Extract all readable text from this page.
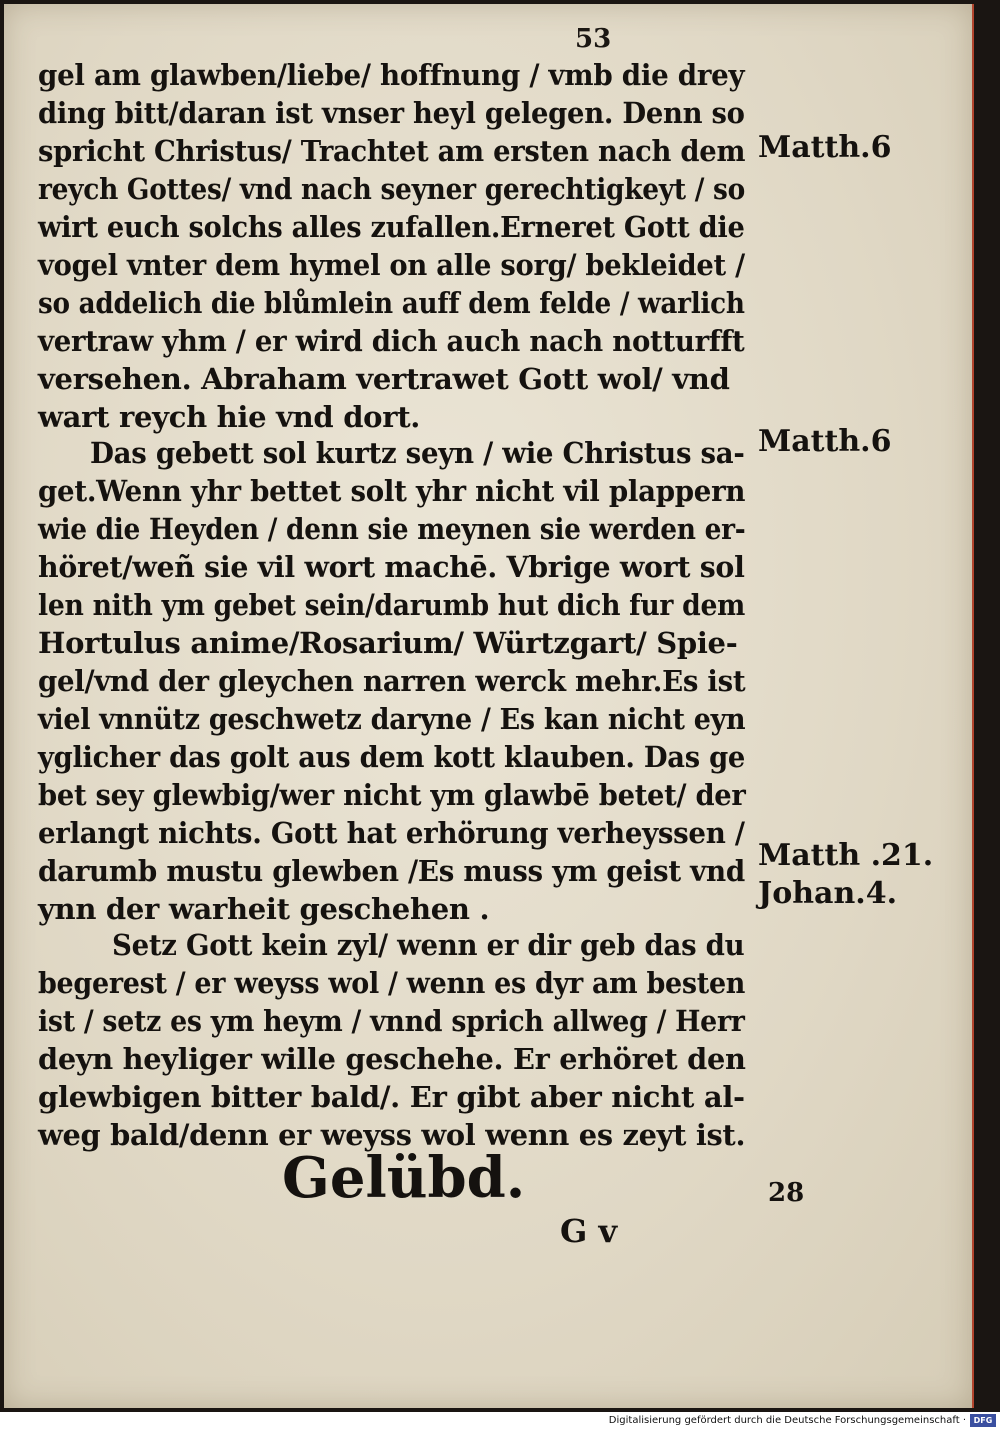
53
gel am glawben/liebe/ hoffnung / vmb die drey
ding bitt/daran ist vnser heyl gelegen. Denn so
spricht Christus/ Trachtet am ersten nach dem
reych Gottes/ vnd nach seyner gerechtigkeyt / so
wirt euch solchs alles zufallen.Erneret Gott die
vogel vnter dem hymel on alle sorg/ bekleidet /
so addelich die blůmlein auff dem felde / warlich
vertraw yhm / er wird dich auch nach notturfft
versehen. Abraham vertrawet Gott wol/ vnd
wart reych hie vnd dort.
Das gebett sol kurtz seyn / wie Christus sa-
get.Wenn yhr bettet solt yhr nicht vil plappern
wie die Heyden / denn sie meynen sie werden er-
höret/weñ sie vil wort machē. Vbrige wort sol
len nith ym gebet sein/darumb hut dich fur dem
Hortulus anime/Rosarium/ Würtzgart/ Spie-
gel/vnd der gleychen narren werck mehr.Es ist
viel vnnütz geschwetz daryne / Es kan nicht eyn
yglicher das golt aus dem kott klauben. Das ge
bet sey glewbig/wer nicht ym glawbē betet/ der
erlangt nichts. Gott hat erhörung verheyssen /
darumb mustu glewben /Es muss ym geist vnd
ynn der warheit geschehen .
Setz Gott kein zyl/ wenn er dir geb das du
begerest / er weyss wol / wenn es dyr am besten
ist / setz es ym heym / vnnd sprich allweg / Herr
deyn heyliger wille geschehe. Er erhöret den
glewbigen bitter bald/. Er gibt aber nicht al-
weg bald/denn er weyss wol wenn es zeyt ist.
Matth.6
Matth.6
Matth .21.
Johan.4.
Gelübd.	28
G v
Digitalisierung gefördert durch die Deutsche Forschungsgemeinschaft · DFG
